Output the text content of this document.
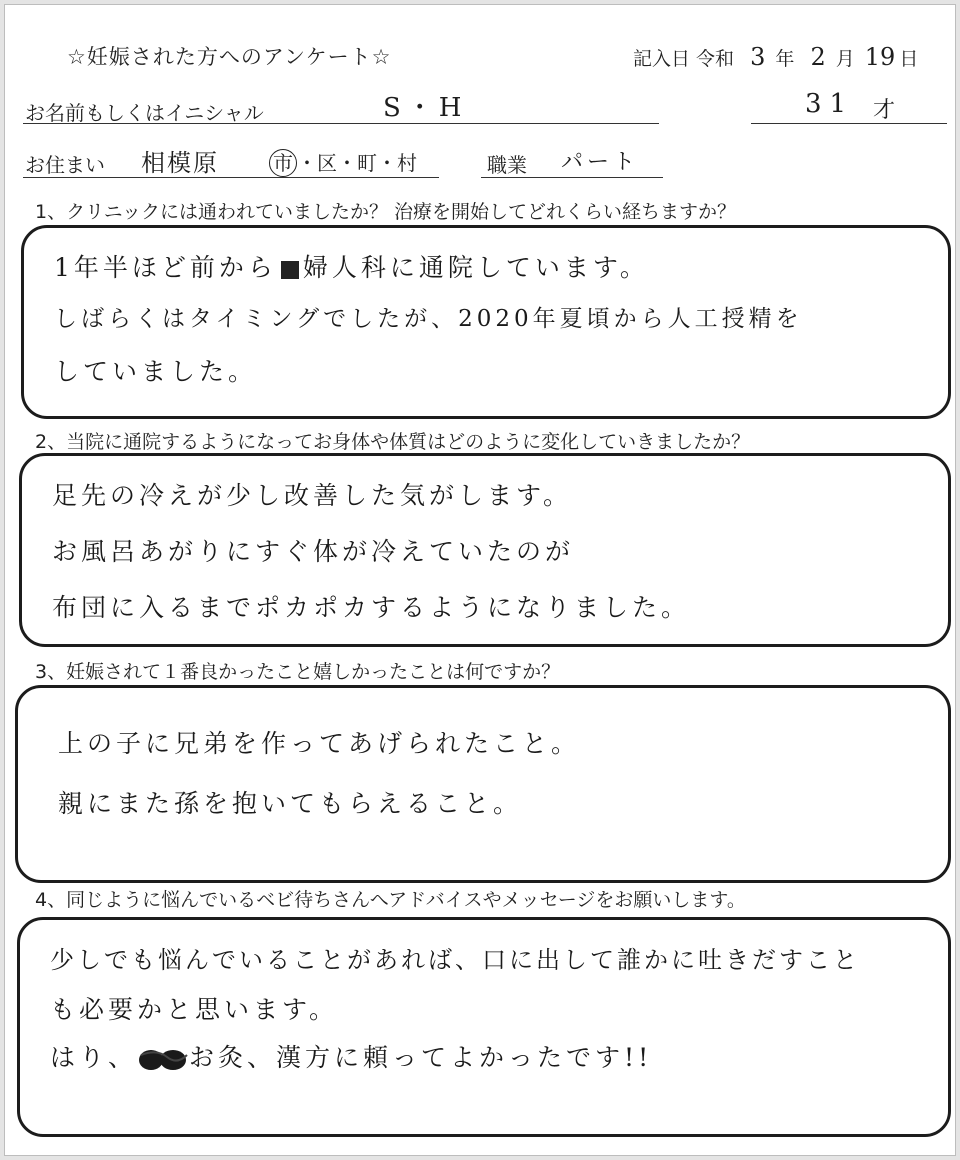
☆妊娠された方へのアンケート☆	記入日 令和 3 年 2 月 19 日
お名前もしくはイニシャル	S・H	31 才
お住まい 相模原	市 ・区・町・村	職業 パート
1、クリニックには通われていましたか？ 治療を開始してどれくらい経ちますか？
1年半ほど前から 婦人科に通院しています。
しばらくはタイミングでしたが、2020年夏頃から人工授精を
していました。
2、当院に通院するようになってお身体や体質はどのように変化していきましたか？
足先の冷えが少し改善した気がします。
お風呂あがりにすぐ体が冷えていたのが
布団に入るまでポカポカするようになりました。
3、妊娠されて１番良かったこと嬉しかったことは何ですか？
上の子に兄弟を作ってあげられたこと。
親にまた孫を抱いてもらえること。
4、同じように悩んでいるベビ待ちさんへアドバイスやメッセージをお願いします。
少しでも悩んでいることがあれば、口に出して誰かに吐きだすこと
も必要かと思います。
はり、 お灸、漢方に頼ってよかったです!!
